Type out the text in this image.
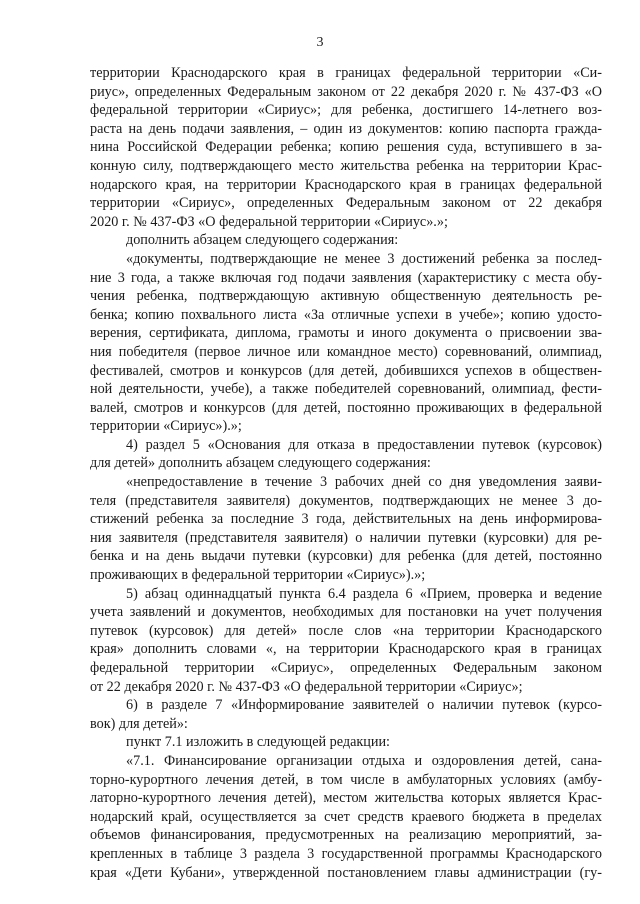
3
территории Краснодарского края в границах федеральной территории «Си-
риус», определенных Федеральным законом от 22 декабря 2020 г. № 437-ФЗ «О
федеральной территории «Сириус»; для ребенка, достигшего 14-летнего воз-
раста на день подачи заявления, – один из документов: копию паспорта гражда-
нина Российской Федерации ребенка; копию решения суда, вступившего в за-
конную силу, подтверждающего место жительства ребенка на территории Крас-
нодарского края, на территории Краснодарского края в границах федеральной
территории «Сириус», определенных Федеральным законом от 22 декабря
2020 г. № 437-ФЗ «О федеральной территории «Сириус».»;
дополнить абзацем следующего содержания:
«документы, подтверждающие не менее 3 достижений ребенка за послед-
ние 3 года, а также включая год подачи заявления (характеристику с места обу-
чения ребенка, подтверждающую активную общественную деятельность ре-
бенка; копию похвального листа «За отличные успехи в учебе»; копию удосто-
верения, сертификата, диплома, грамоты и иного документа о присвоении зва-
ния победителя (первое личное или командное место) соревнований, олимпиад,
фестивалей, смотров и конкурсов (для детей, добившихся успехов в обществен-
ной деятельности, учебе), а также победителей соревнований, олимпиад, фести-
валей, смотров и конкурсов (для детей, постоянно проживающих в федеральной
территории «Сириус»).»;
4) раздел 5 «Основания для отказа в предоставлении путевок (курсовок)
для детей» дополнить абзацем следующего содержания:
«непредоставление в течение 3 рабочих дней со дня уведомления заяви-
теля (представителя заявителя) документов, подтверждающих не менее 3 до-
стижений ребенка за последние 3 года, действительных на день информирова-
ния заявителя (представителя заявителя) о наличии путевки (курсовки) для ре-
бенка и на день выдачи путевки (курсовки) для ребенка (для детей, постоянно
проживающих в федеральной территории «Сириус»).»;
5) абзац одиннадцатый пункта 6.4 раздела 6 «Прием, проверка и ведение
учета заявлений и документов, необходимых для постановки на учет получения
путевок (курсовок) для детей» после слов «на территории Краснодарского
края» дополнить словами «, на территории Краснодарского края в границах
федеральной территории «Сириус», определенных Федеральным законом
от 22 декабря 2020 г. № 437-ФЗ «О федеральной территории «Сириус»;
6) в разделе 7 «Информирование заявителей о наличии путевок (курсо-
вок) для детей»:
пункт 7.1 изложить в следующей редакции:
«7.1. Финансирование организации отдыха и оздоровления детей, сана-
торно-курортного лечения детей, в том числе в амбулаторных условиях (амбу-
латорно-курортного лечения детей), местом жительства которых является Крас-
нодарский край, осуществляется за счет средств краевого бюджета в пределах
объемов финансирования, предусмотренных на реализацию мероприятий, за-
крепленных в таблице 3 раздела 3 государственной программы Краснодарского
края «Дети Кубани», утвержденной постановлением главы администрации (гу-
